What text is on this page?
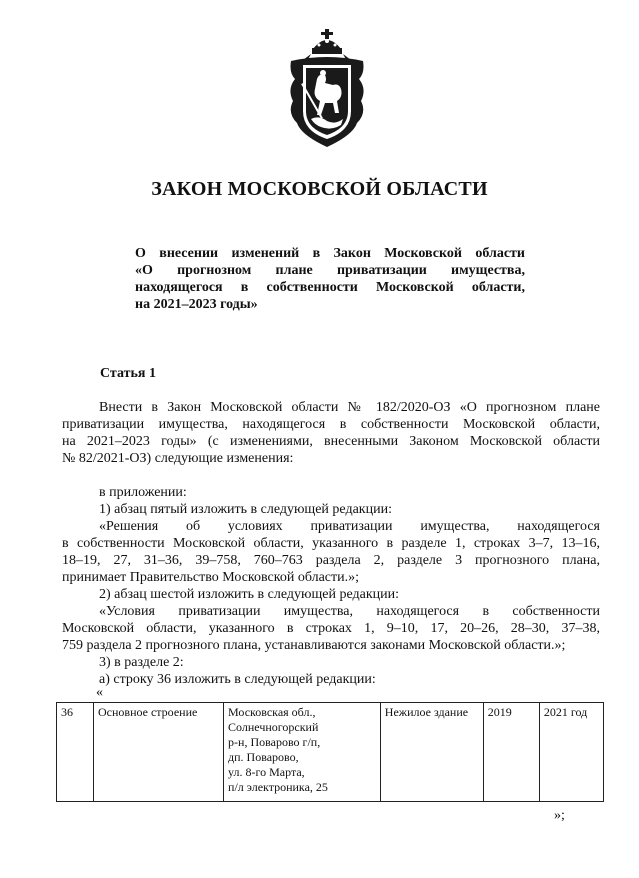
ЗАКОН МОСКОВСКОЙ ОБЛАСТИ
О внесении изменений в Закон Московской области
«О прогнозном плане приватизации имущества,
находящегося в собственности Московской области,
на 2021–2023 годы»
Статья 1
Внести в Закон Московской области № 182/2020-ОЗ «О прогнозном плане
приватизации имущества, находящегося в собственности Московской области,
на 2021–2023 годы» (с изменениями, внесенными Законом Московской области
№ 82/2021-ОЗ) следующие изменения:
в приложении:
1) абзац пятый изложить в следующей редакции:
«Решения об условиях приватизации имущества, находящегося
в собственности Московской области, указанного в разделе 1, строках 3–7, 13–16,
18–19, 27, 31–36, 39–758, 760–763 раздела 2, разделе 3 прогнозного плана,
принимает Правительство Московской области.»;
2) абзац шестой изложить в следующей редакции:
«Условия приватизации имущества, находящегося в собственности
Московской области, указанного в строках 1, 9–10, 17, 20–26, 28–30, 37–38,
759 раздела 2 прогнозного плана, устанавливаются законами Московской области.»;
3) в разделе 2:
а) строку 36 изложить в следующей редакции:
«
36	Основное строение	Московская обл.,
Солнечногорский
р-н, Поварово г/п,
дп. Поварово,
ул. 8-го Марта,
п/л электроника, 25
	Нежилое здание	2019	2021 год
»;
